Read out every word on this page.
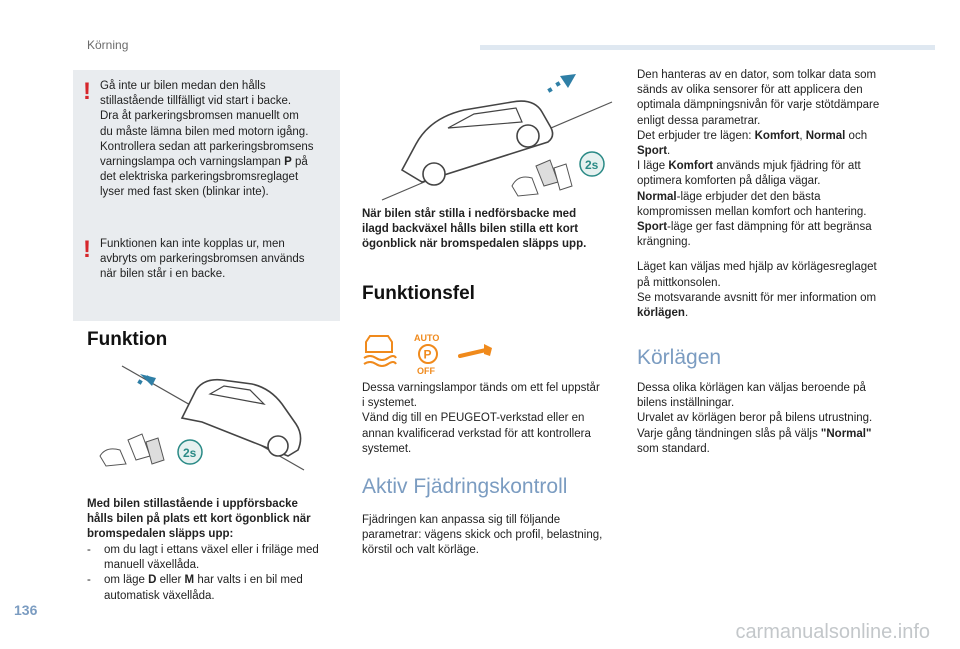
Körning
! Gå inte ur bilen medan den hålls

stillastående tillfälligt vid start i backe.

Dra åt parkeringsbromsen manuellt om

du måste lämna bilen med motorn igång.

Kontrollera sedan att parkeringsbromsens

varningslampa och varningslampan P på

det elektriska parkeringsbromsreglaget

lyser med fast sken (blinkar inte).

! Funktionen kan inte kopplas ur, men

avbryts om parkeringsbromsen används

när bilen står i en backe.

Funktion
2s
Med bilen stillastående i uppförsbacke
hålls bilen på plats ett kort ögonblick när
bromspedalen släpps upp:
- om du lagt i ettans växel eller i friläge med
manuell växellåda.
- om läge D eller M har valts i en bil med
automatisk växellåda.
2s
När bilen står stilla i nedförsbacke med
ilagd backväxel hålls bilen stilla ett kort
ögonblick när bromspedalen släpps upp.
Funktionsfel
AUTO
P
OFF

Dessa varningslampor tänds om ett fel uppstår

i systemet.

Vänd dig till en PEUGEOT-verkstad eller en

annan kvalificerad verkstad för att kontrollera

systemet.

Aktiv Fjädringskontroll

Fjädringen kan anpassa sig till följande

parametrar: vägens skick och profil, belastning,

körstil och valt körläge.

Den hanteras av en dator, som tolkar data som

sänds av olika sensorer för att applicera den

optimala dämpningsnivån för varje stötdämpare

enligt dessa parametrar.

Det erbjuder tre lägen: Komfort, Normal och

Sport.

I läge Komfort används mjuk fjädring för att

optimera komforten på dåliga vägar.

Normal-läge erbjuder det den bästa

kompromissen mellan komfort och hantering.

Sport-läge ger fast dämpning för att begränsa

krängning.

Läget kan väljas med hjälp av körlägesreglaget

på mittkonsolen.

Se motsvarande avsnitt för mer information om

körlägen.

Körlägen

Dessa olika körlägen kan väljas beroende på

bilens inställningar.

Urvalet av körlägen beror på bilens utrustning.

Varje gång tändningen slås på väljs "Normal"

som standard.

136
carmanualsonline.info
